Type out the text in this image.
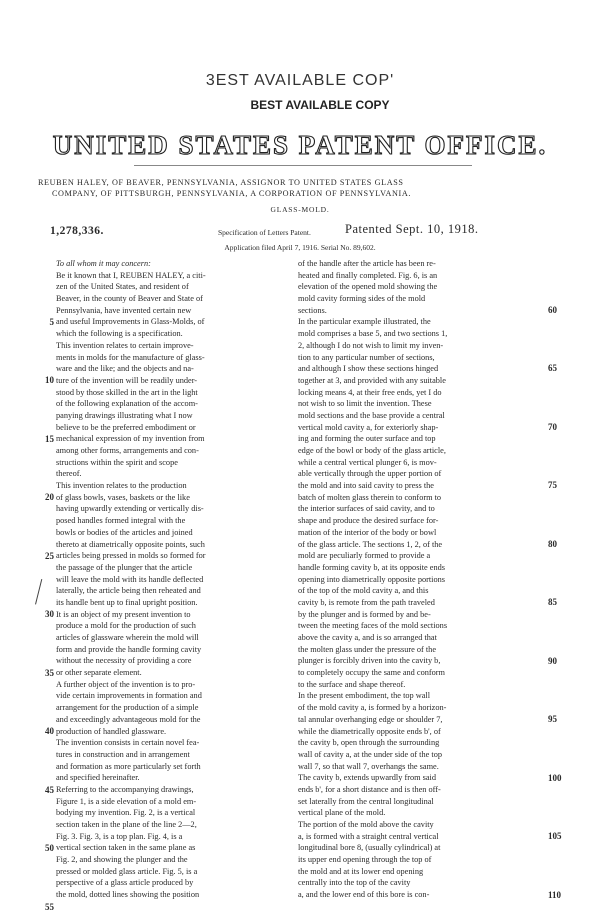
3EST AVAILABLE COP'
BEST AVAILABLE COPY
UNITED STATES PATENT OFFICE.
REUBEN HALEY, OF BEAVER, PENNSYLVANIA, ASSIGNOR TO UNITED STATES GLASS
COMPANY, OF PITTSBURGH, PENNSYLVANIA, A CORPORATION OF PENNSYLVANIA.
GLASS-MOLD.
1,278,336.	Specification of Letters Patent.	Patented Sept. 10, 1918.
Application filed April 7, 1916. Serial No. 89,602.
To all whom it may concern:
Be it known that I, REUBEN HALEY, a citi-
zen of the United States, and resident of
Beaver, in the county of Beaver and State of
Pennsylvania, have invented certain new
and useful Improvements in Glass-Molds, of
which the following is a specification.
This invention relates to certain improve-
ments in molds for the manufacture of glass-
ware and the like; and the objects and na-
ture of the invention will be readily under-
stood by those skilled in the art in the light
of the following explanation of the accom-
panying drawings illustrating what I now
believe to be the preferred embodiment or
mechanical expression of my invention from
among other forms, arrangements and con-
structions within the spirit and scope
thereof.
This invention relates to the production
of glass bowls, vases, baskets or the like
having upwardly extending or vertically dis-
posed handles formed integral with the
bowls or bodies of the articles and joined
thereto at diametrically opposite points, such
articles being pressed in molds so formed for
the passage of the plunger that the article
will leave the mold with its handle deflected
laterally, the article being then reheated and
its handle bent up to final upright position.
It is an object of my present invention to
produce a mold for the production of such
articles of glassware wherein the mold will
form and provide the handle forming cavity
without the necessity of providing a core
or other separate element.
A further object of the invention is to pro-
vide certain improvements in formation and
arrangement for the production of a simple
and exceedingly advantageous mold for the
production of handled glassware.
The invention consists in certain novel fea-
tures in construction and in arrangement
and formation as more particularly set forth
and specified hereinafter.
Referring to the accompanying drawings,
Figure 1, is a side elevation of a mold em-
bodying my invention. Fig. 2, is a vertical
section taken in the plane of the line 2—2,
Fig. 3. Fig. 3, is a top plan. Fig. 4, is a
vertical section taken in the same plane as
Fig. 2, and showing the plunger and the
pressed or molded glass article. Fig. 5, is a
perspective of a glass article produced by
the mold, dotted lines showing the position
of the handle after the article has been re-
heated and finally completed. Fig. 6, is an
elevation of the opened mold showing the
mold cavity forming sides of the mold
sections.
In the particular example illustrated, the
mold comprises a base 5, and two sections 1,
2, although I do not wish to limit my inven-
tion to any particular number of sections,
and although I show these sections hinged
together at 3, and provided with any suitable
locking means 4, at their free ends, yet I do
not wish to so limit the invention. These
mold sections and the base provide a central
vertical mold cavity a, for exteriorly shap-
ing and forming the outer surface and top
edge of the bowl or body of the glass article,
while a central vertical plunger 6, is mov-
able vertically through the upper portion of
the mold and into said cavity to press the
batch of molten glass therein to conform to
the interior surfaces of said cavity, and to
shape and produce the desired surface for-
mation of the interior of the body or bowl
of the glass article. The sections 1, 2, of the
mold are peculiarly formed to provide a
handle forming cavity b, at its opposite ends
opening into diametrically opposite portions
of the top of the mold cavity a, and this
cavity b, is remote from the path traveled
by the plunger and is formed by and be-
tween the meeting faces of the mold sections
above the cavity a, and is so arranged that
the molten glass under the pressure of the
plunger is forcibly driven into the cavity b,
to completely occupy the same and conform
to the surface and shape thereof.
In the present embodiment, the top wall
of the mold cavity a, is formed by a horizon-
tal annular overhanging edge or shoulder 7,
while the diametrically opposite ends b', of
the cavity b, open through the surrounding
wall of cavity a, at the under side of the top
wall 7, so that wall 7, overhangs the same.
The cavity b, extends upwardly from said
ends b', for a short distance and is then off-
set laterally from the central longitudinal
vertical plane of the mold.
The portion of the mold above the cavity
a, is formed with a straight central vertical
longitudinal bore 8, (usually cylindrical) at
its upper end opening through the top of
the mold and at its lower end opening
centrally into the top of the cavity
a, and the lower end of this bore is con-
5
10
15
20
25
30
35
40
45
50
55
60
65
70
75
80
85
90
95
100
105
110
